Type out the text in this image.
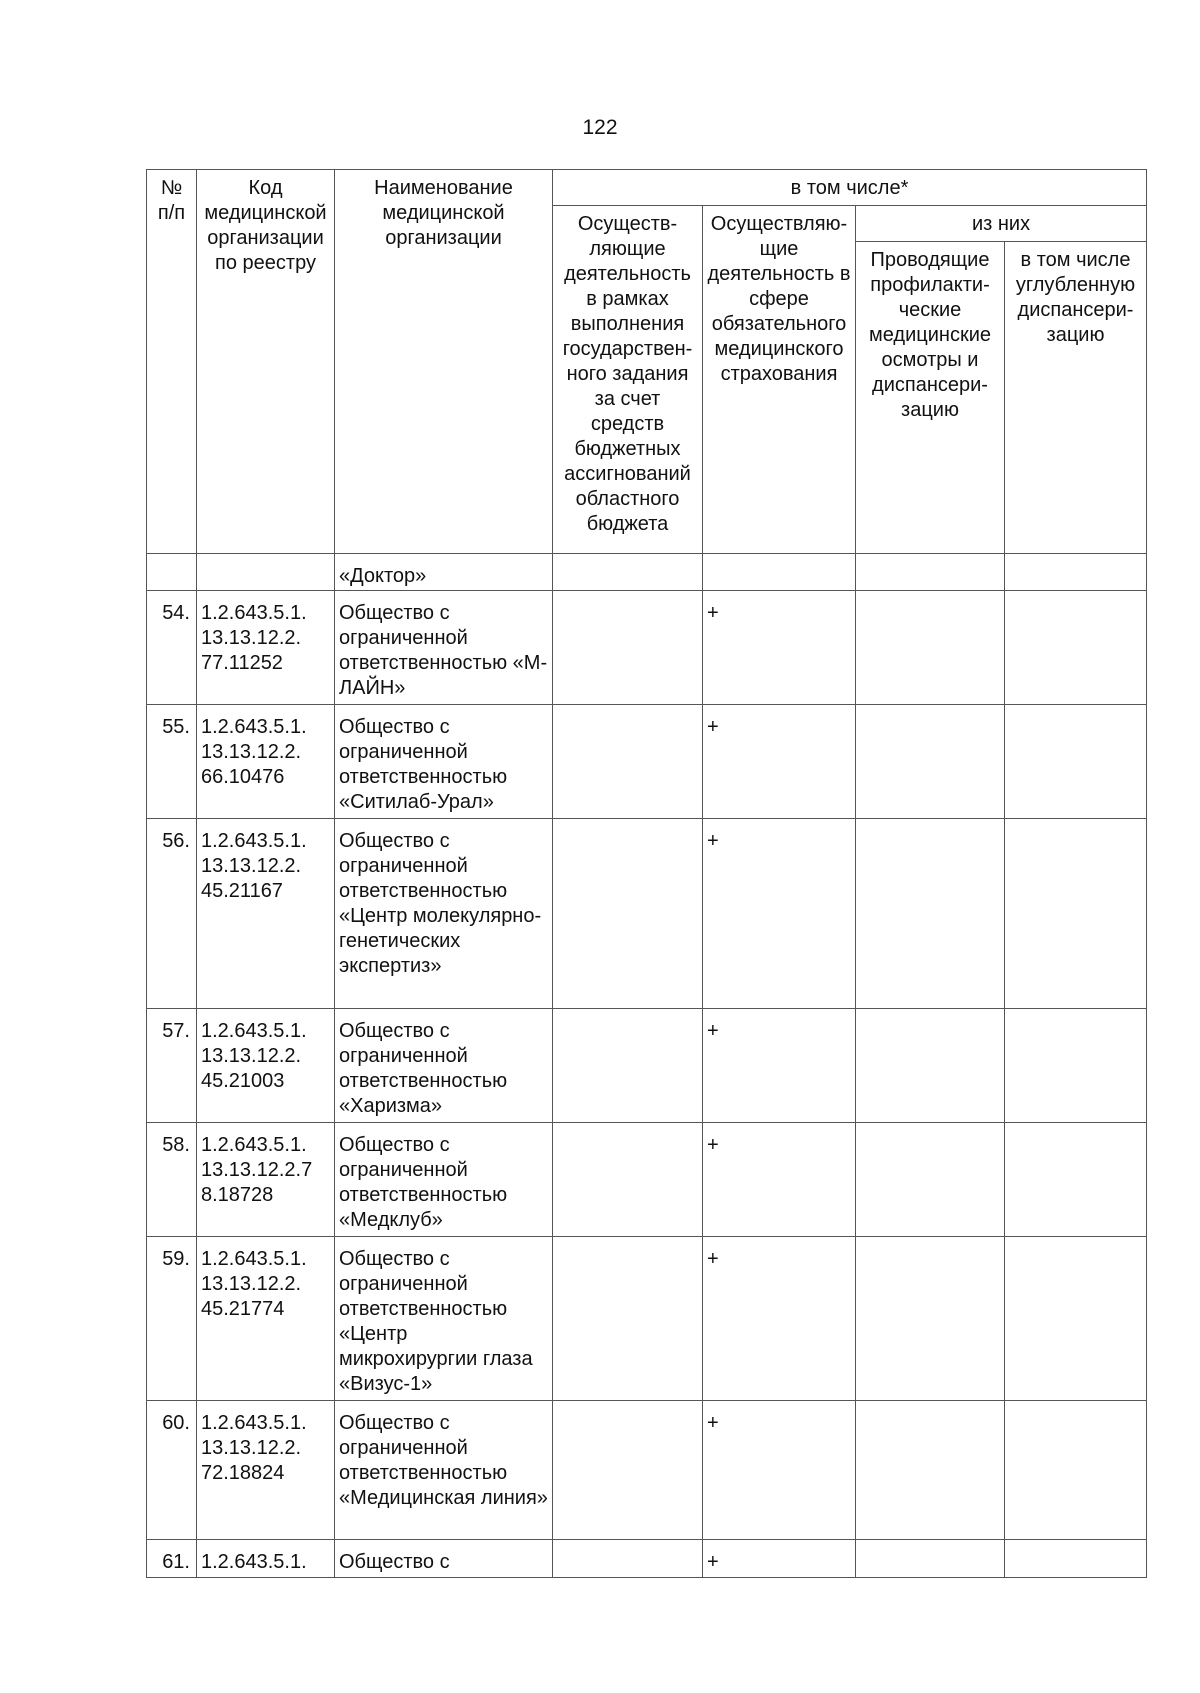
122
№ п/п	Код медицинской организации по реестру	Наименование медицинской организации	в том числе*			
			Осуществ- ляющие деятельность в рамках выполнения государствен- ного задания за счет средств бюджетных ассигнований областного бюджета	Осуществляю- щие деятельность в сфере обязательного медицинского страхования	из них	
					Проводящие профилакти- ческие медицинские осмотры и диспансери- зацию	в том числе углубленную диспансери- зацию
		«Доктор»				
54.	1.2.643.5.1. 13.13.12.2. 77.11252	Общество с ограниченной ответственностью «М-ЛАЙН»		+		
55.	1.2.643.5.1. 13.13.12.2. 66.10476	Общество с ограниченной ответственностью «Ситилаб-Урал»		+		
56.	1.2.643.5.1. 13.13.12.2. 45.21167	Общество с ограниченной ответственностью «Центр молекулярно- генетических экспертиз»		+		
57.	1.2.643.5.1. 13.13.12.2. 45.21003	Общество с ограниченной ответственностью «Харизма»		+		
58.	1.2.643.5.1. 13.13.12.2.7 8.18728	Общество с ограниченной ответственностью «Медклуб»		+		
59.	1.2.643.5.1. 13.13.12.2. 45.21774	Общество с ограниченной ответственностью «Центр микрохирургии глаза «Визус-1»		+		
60.	1.2.643.5.1. 13.13.12.2. 72.18824	Общество с ограниченной ответственностью «Медицинская линия»		+		
61.	1.2.643.5.1.	Общество с		+		
